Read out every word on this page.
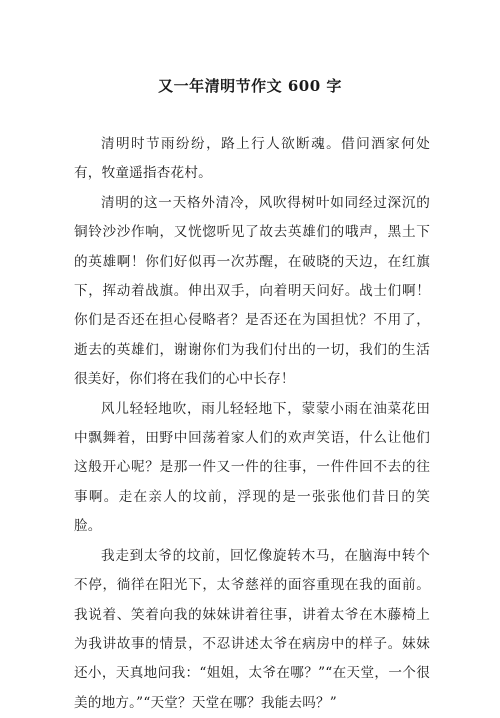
又一年清明节作文 600 字

清明时节雨纷纷，路上行人欲断魂。借问酒家何处有，牧童遥指杏花村。

清明的这一天格外清冷，风吹得树叶如同经过深沉的铜铃沙沙作响，又恍惚听见了故去英雄们的哦声，黑土下的英雄啊！你们好似再一次苏醒，在破晓的天边，在红旗下，挥动着战旗。伸出双手，向着明天问好。战士们啊！你们是否还在担心侵略者？是否还在为国担忧？不用了，逝去的英雄们，谢谢你们为我们付出的一切，我们的生活很美好，你们将在我们的心中长存！

风儿轻轻地吹，雨儿轻轻地下，蒙蒙小雨在油菜花田中飘舞着，田野中回荡着家人们的欢声笑语，什么让他们这般开心呢？是那一件又一件的往事，一件件回不去的往事啊。走在亲人的坟前，浮现的是一张张他们昔日的笑脸。

我走到太爷的坟前，回忆像旋转木马，在脑海中转个不停，徜徉在阳光下，太爷慈祥的面容重现在我的面前。我说着、笑着向我的妹妹讲着往事，讲着太爷在木藤椅上为我讲故事的情景，不忍讲述太爷在病房中的样子。妹妹还小，天真地问我：“姐姐，太爷在哪？”“在天堂，一个很美的地方。”“天堂？天堂在哪？我能去吗？”
